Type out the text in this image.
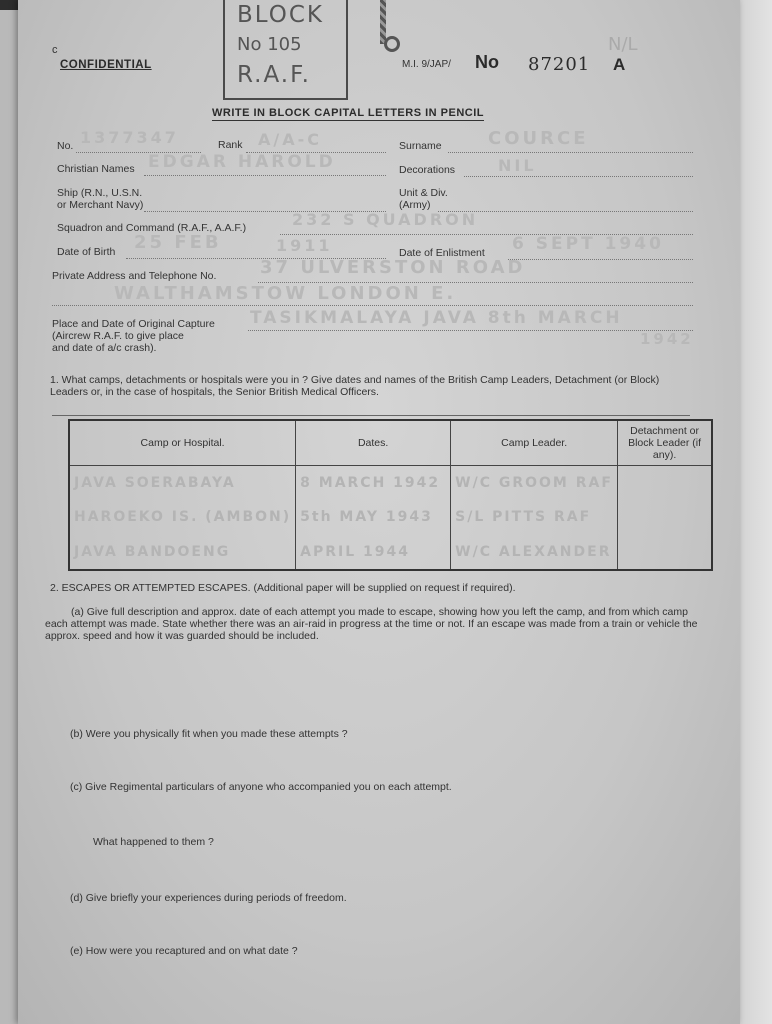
c
CONFIDENTIAL
BLOCK
No 105
R.A.F.	M.I. 9/JAP/ No 87201 A
N/L
WRITE IN BLOCK CAPITAL LETTERS IN PENCIL
No. 1377347	Rank A/A-C	Surname	COURCE
Christian Names EDGAR HAROLD	Decorations	NIL
Ship (R.N., U.S.N.
or Merchant Navy)
Unit & Div.
(Army)
Squadron and Command (R.A.F., A.A.F.)	232 S QUADRON
Date of Birth 25 FEB	1911	Date of Enlistment 6 SEPT 1940
Private Address and Telephone No. 37 ULVERSTON ROAD
WALTHAMSTOW LONDON E.
Place and Date of Original Capture
(Aircrew R.A.F. to give place
and date of a/c crash).
TASIKMALAYA JAVA 8th MARCH
1942
1. What camps, detachments or hospitals were you in ? Give dates and names of the British Camp Leaders, Detachment (or Block) Leaders or, in the case of hospitals, the Senior British Medical Officers.
Camp or Hospital.	Dates.	Camp Leader.	Detachment or Block Leader (if any).
JAVA SOERABAYA	8 MARCH 1942	W/C GROOM RAF	
HAROEKO IS. (AMBON)	5th MAY 1943	S/L PITTS RAF	
JAVA BANDOENG	APRIL 1944	W/C ALEXANDER	
2. ESCAPES OR ATTEMPTED ESCAPES. (Additional paper will be supplied on request if required).
(a) Give full description and approx. date of each attempt you made to escape, showing how you left the camp, and from which camp each attempt was made. State whether there was an air-raid in progress at the time or not. If an escape was made from a train or vehicle the approx. speed and how it was guarded should be included.
(b) Were you physically fit when you made these attempts ?
(c) Give Regimental particulars of anyone who accompanied you on each attempt.
What happened to them ?
(d) Give briefly your experiences during periods of freedom.
(e) How were you recaptured and on what date ?
